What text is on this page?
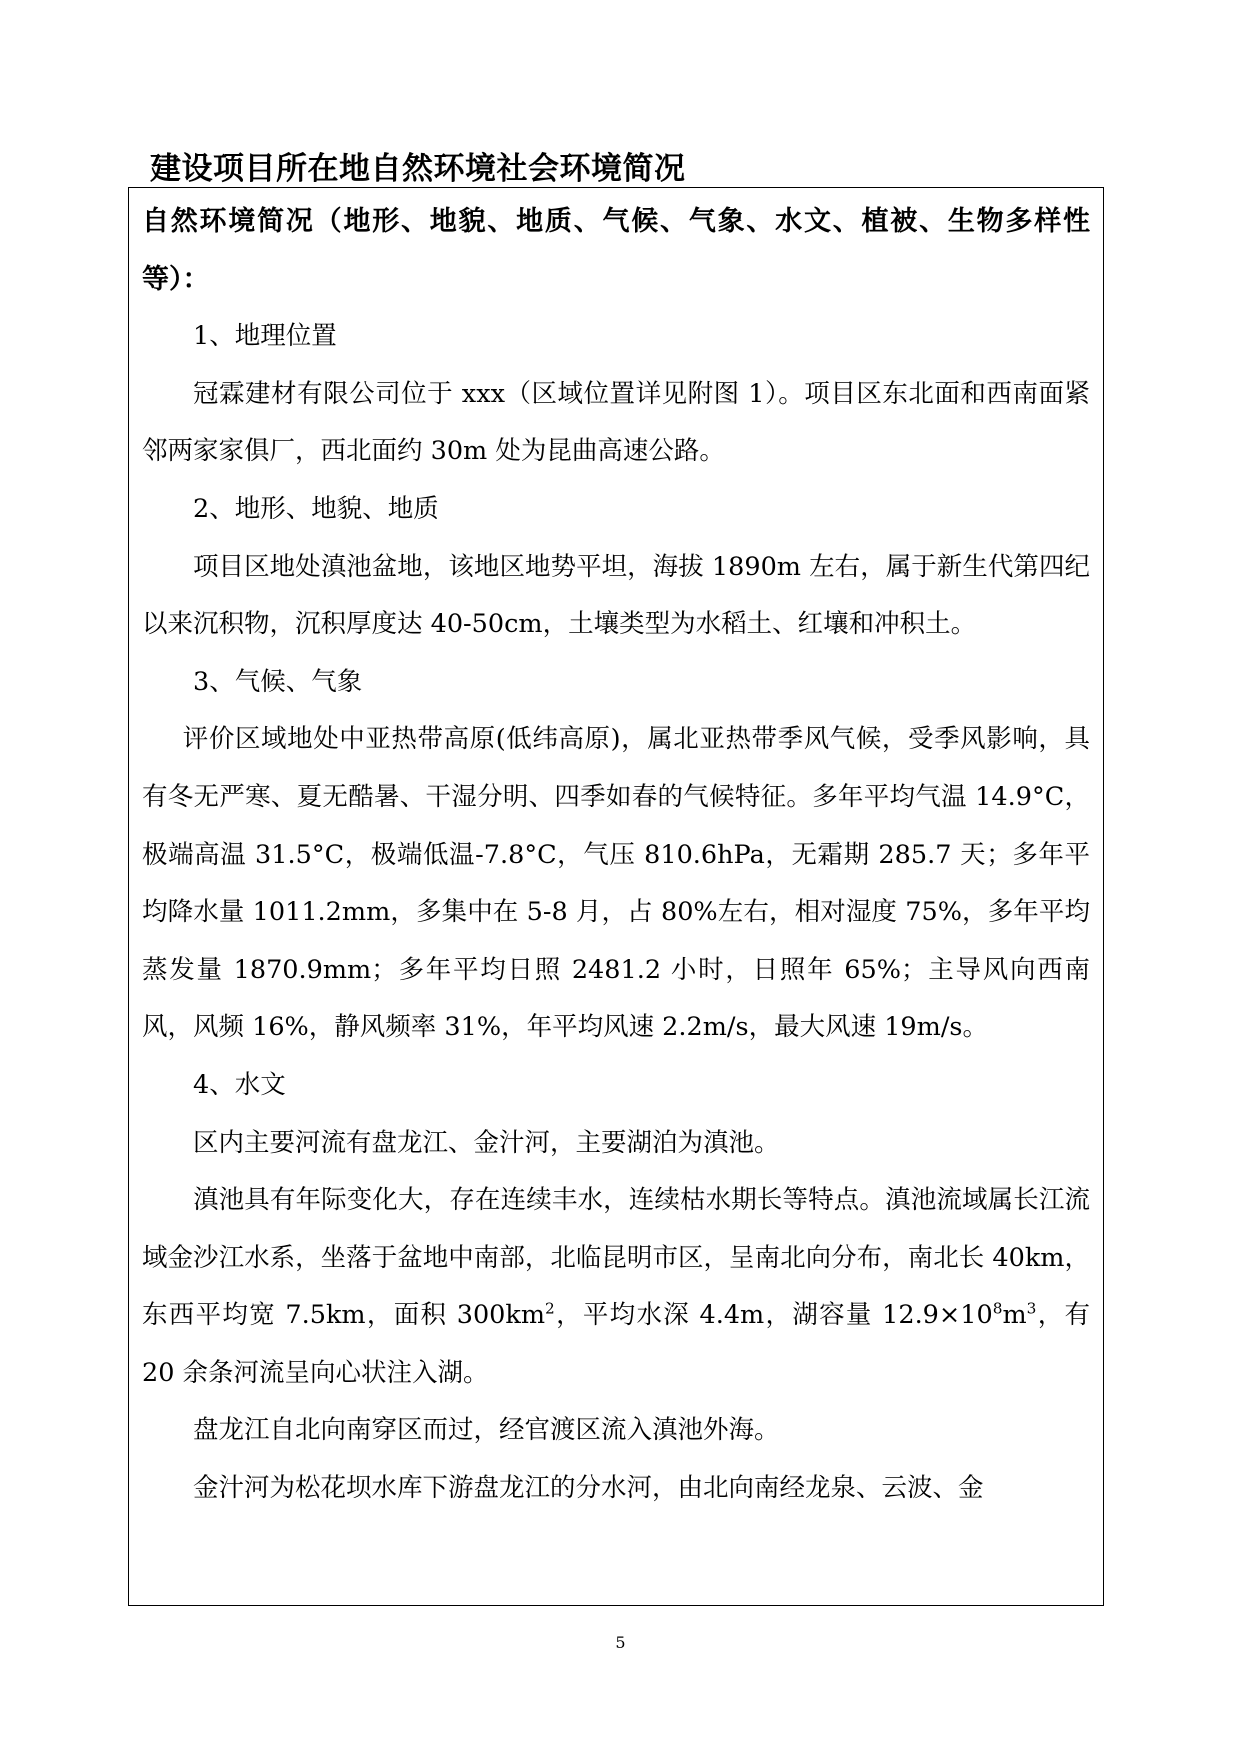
建设项目所在地自然环境社会环境简况

自然环境简况（地形、地貌、地质、气候、气象、水文、植被、生物多样性等）：

1、地理位置

冠霖建材有限公司位于 xxx（区域位置详见附图 1）。项目区东北面和西南面紧邻两家家俱厂，西北面约 30m 处为昆曲高速公路。

2、地形、地貌、地质

项目区地处滇池盆地，该地区地势平坦，海拔 1890m 左右，属于新生代第四纪以来沉积物，沉积厚度达 40-50cm，土壤类型为水稻土、红壤和冲积土。

3、气候、气象

评价区域地处中亚热带高原(低纬高原)，属北亚热带季风气候，受季风影响，具有冬无严寒、夏无酷暑、干湿分明、四季如春的气候特征。多年平均气温 14.9°C，极端高温 31.5°C，极端低温-7.8°C，气压 810.6hPa，无霜期 285.7 天；多年平均降水量 1011.2mm，多集中在 5-8 月，占 80%左右，相对湿度 75%，多年平均蒸发量 1870.9mm；多年平均日照 2481.2 小时，日照年 65%；主导风向西南风，风频 16%，静风频率 31%，年平均风速 2.2m/s，最大风速 19m/s。

4、水文

区内主要河流有盘龙江、金汁河，主要湖泊为滇池。

滇池具有年际变化大，存在连续丰水，连续枯水期长等特点。滇池流域属长江流域金沙江水系，坐落于盆地中南部，北临昆明市区，呈南北向分布，南北长 40km，东西平均宽 7.5km，面积 $300km^2$，平均水深 4.4m，湖容量 $12.9\times 10^8m^3$，有 20 余条河流呈向心状注入湖。

盘龙江自北向南穿区而过，经官渡区流入滇池外海。

金汁河为松花坝水库下游盘龙江的分水河，由北向南经龙泉、云波、金

5
